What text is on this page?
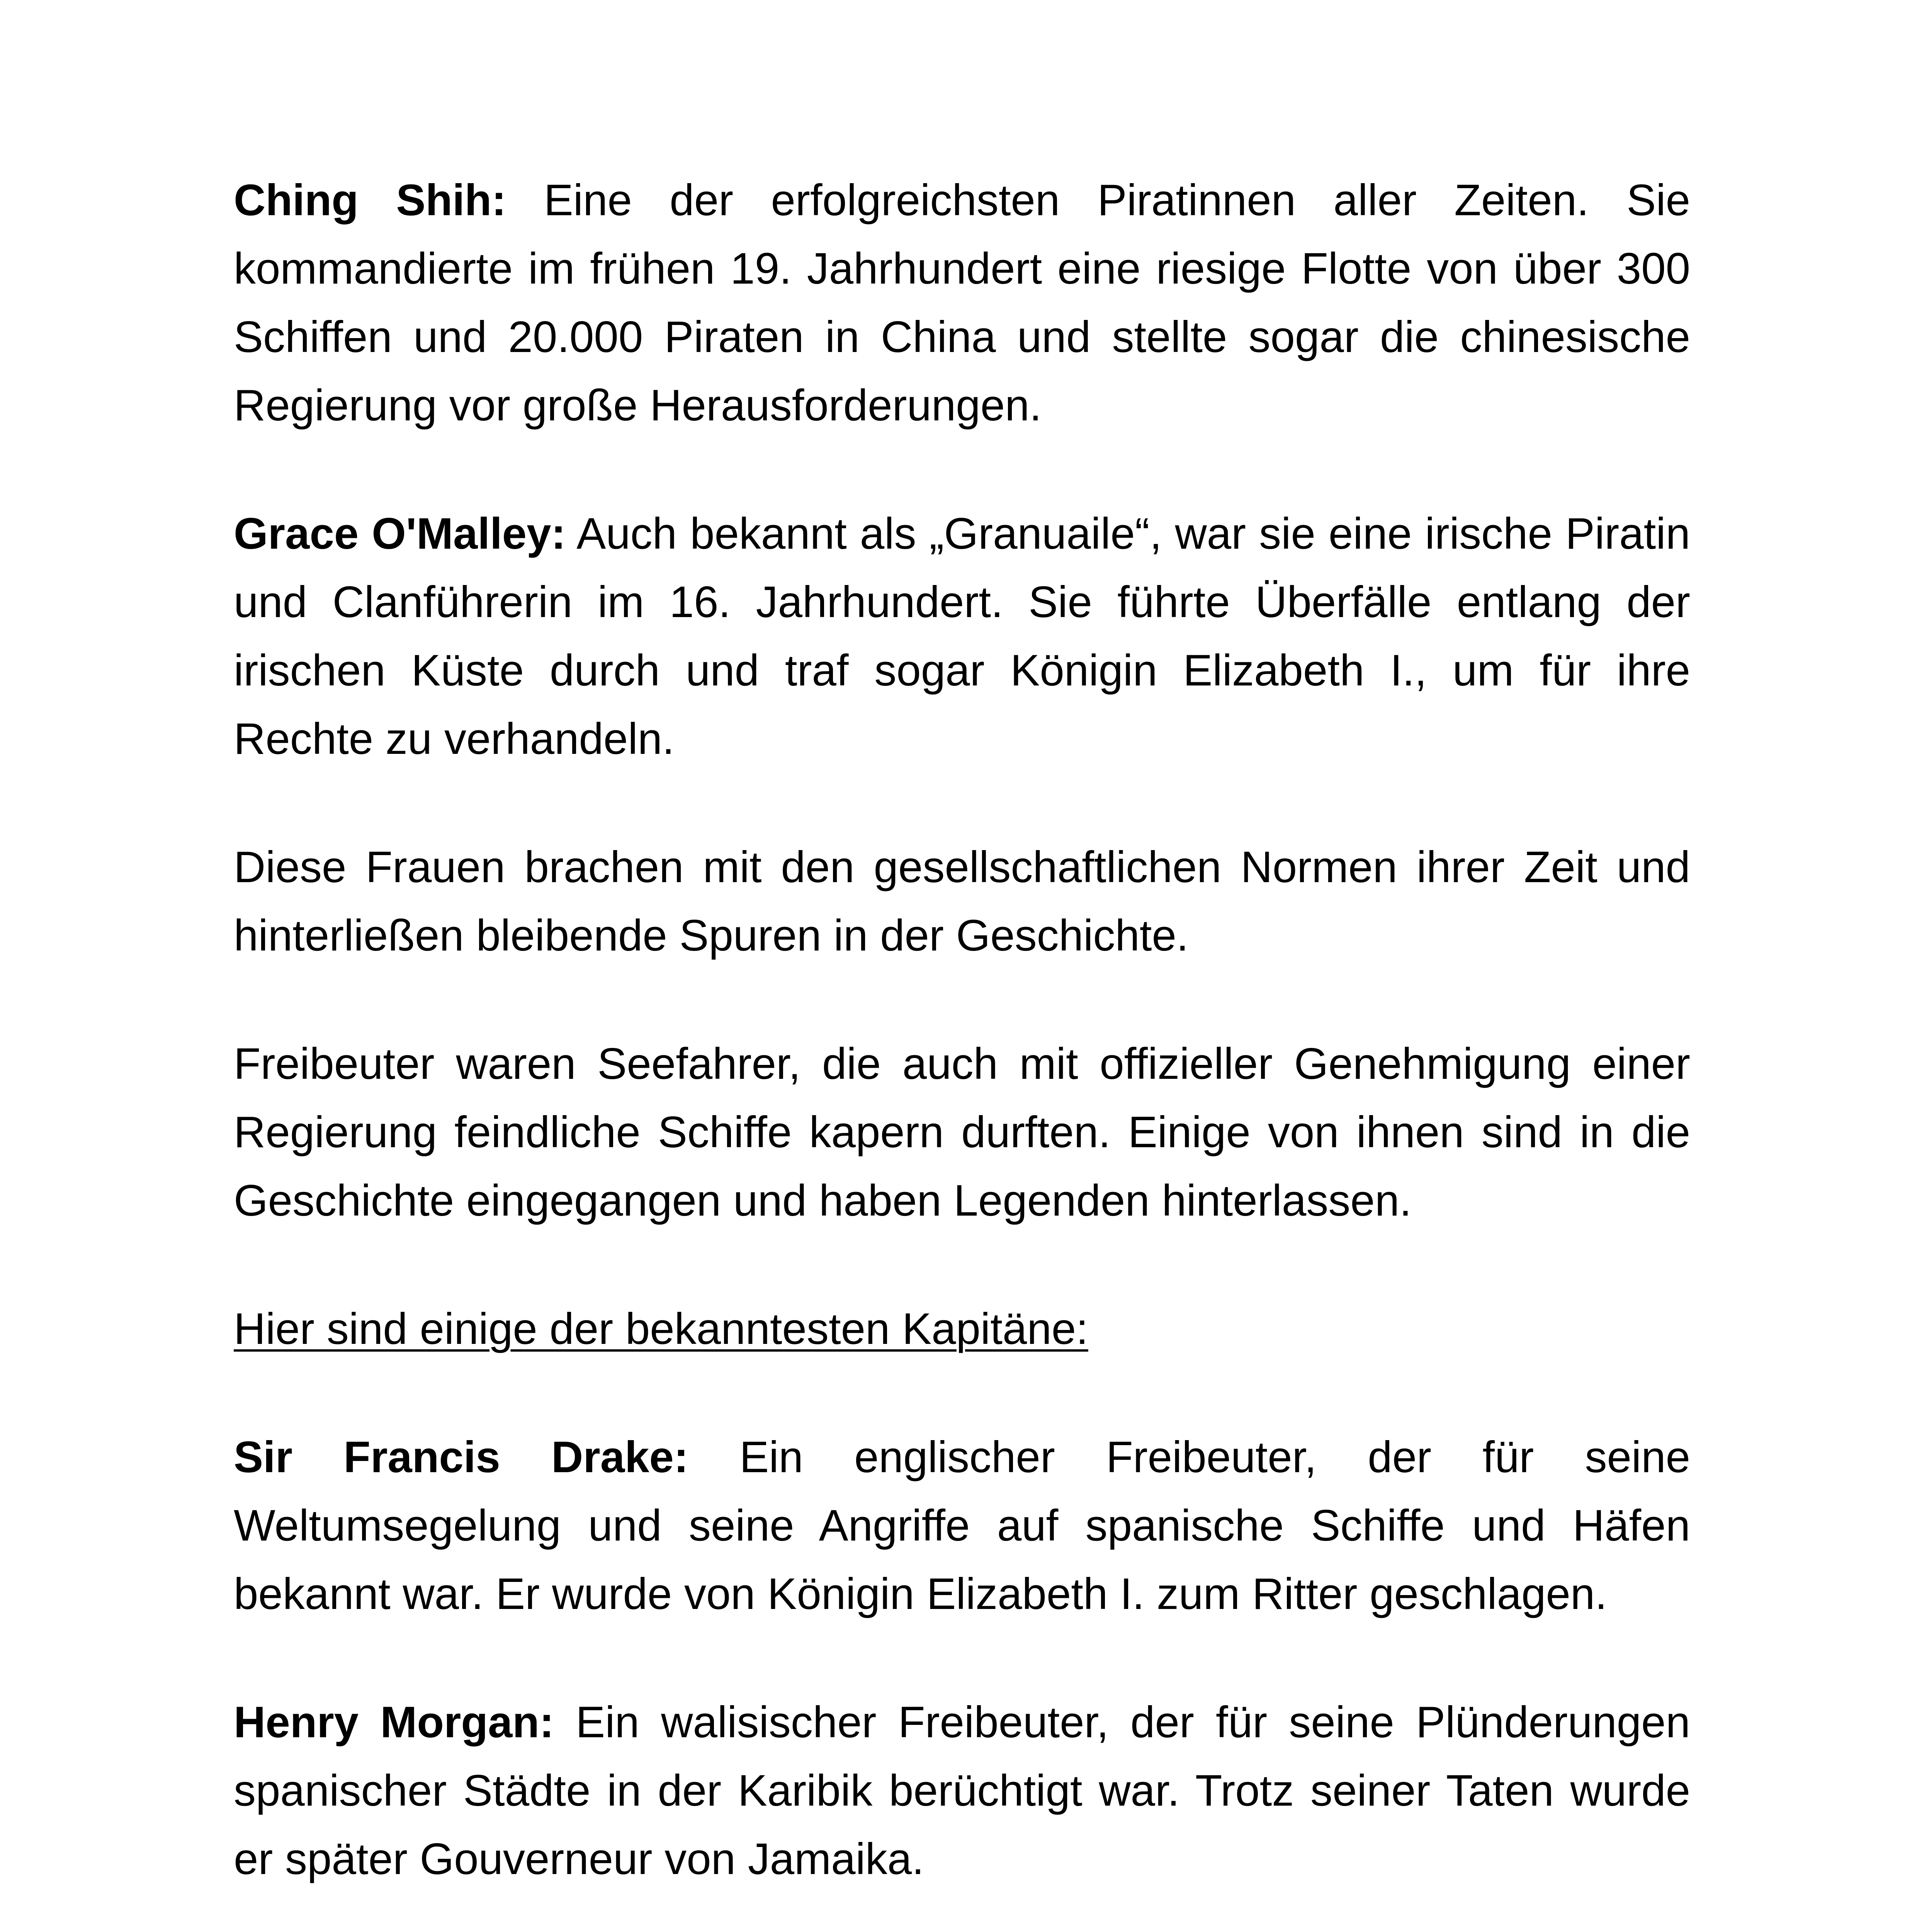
Ching Shih: Eine der erfolgreichsten Piratinnen aller Zeiten. Sie kommandierte im frühen 19. Jahrhundert eine riesige Flotte von über 300 Schiffen und 20.000 Piraten in China und stellte sogar die chinesische Regierung vor große Herausforderungen.

Grace O'Malley: Auch bekannt als „Granuaile“, war sie eine irische Piratin und Clanführerin im 16. Jahrhundert. Sie führte Überfälle entlang der irischen Küste durch und traf sogar Königin Elizabeth I., um für ihre Rechte zu verhandeln.

Diese Frauen brachen mit den gesellschaftlichen Normen ihrer Zeit und hinterließen bleibende Spuren in der Geschichte.

Freibeuter waren Seefahrer, die auch mit offizieller Genehmigung einer Regierung feindliche Schiffe kapern durften. Einige von ihnen sind in die Geschichte eingegangen und haben Legenden hinterlassen.

Hier sind einige der bekanntesten Kapitäne:

Sir Francis Drake: Ein englischer Freibeuter, der für seine Weltumsegelung und seine Angriffe auf spanische Schiffe und Häfen bekannt war. Er wurde von Königin Elizabeth I. zum Ritter geschlagen.

Henry Morgan: Ein walisischer Freibeuter, der für seine Plünderungen spanischer Städte in der Karibik berüchtigt war. Trotz seiner Taten wurde er später Gouverneur von Jamaika.
